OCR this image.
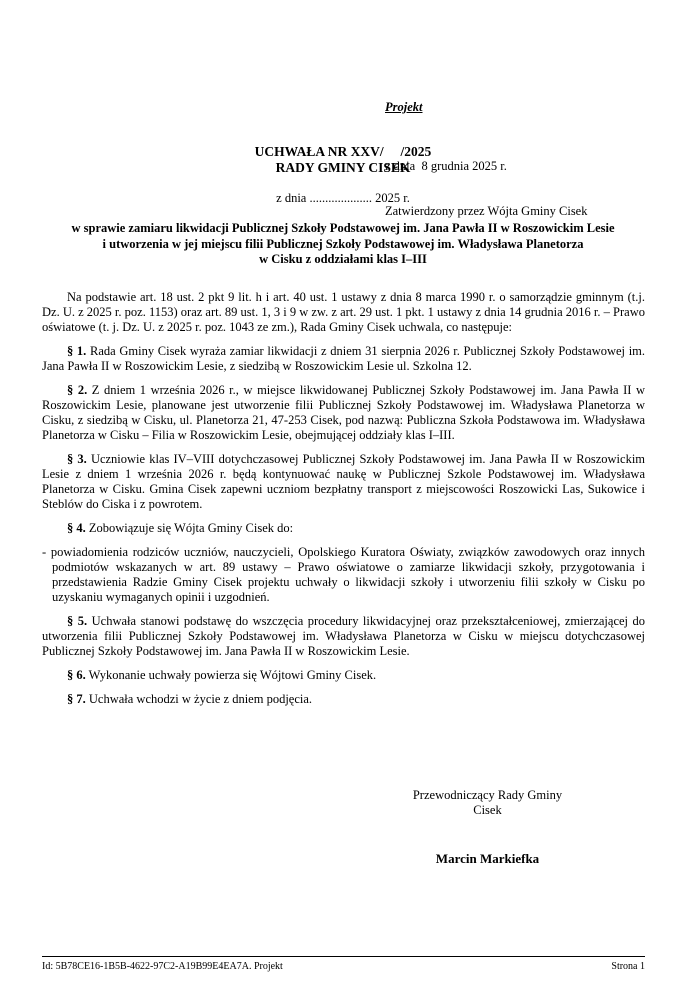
Projekt

z dnia  8 grudnia 2025 r.

Zatwierdzony przez Wójta Gminy Cisek

UCHWAŁA NR XXV/     /2025
RADY GMINY CISEK
z dnia .................... 2025 r.
w sprawie zamiaru likwidacji Publicznej Szkoły Podstawowej im. Jana Pawła II w Roszowickim Lesie
i utworzenia w jej miejscu filii Publicznej Szkoły Podstawowej im. Władysława Planetorza
w Cisku z oddziałami klas I–III

Na podstawie art. 18 ust. 2 pkt 9 lit. h i art. 40 ust. 1 ustawy z dnia 8 marca 1990 r. o samorządzie gminnym (t.j. Dz. U. z 2025 r. poz. 1153) oraz art. 89 ust. 1, 3 i 9 w zw. z art. 29 ust. 1 pkt. 1 ustawy z dnia 14 grudnia 2016 r. – Prawo oświatowe (t. j. Dz. U. z 2025 r. poz. 1043 ze zm.), Rada Gminy Cisek uchwala, co następuje:

§ 1. Rada Gminy Cisek wyraża zamiar likwidacji z dniem 31 sierpnia 2026 r. Publicznej Szkoły Podstawowej im. Jana Pawła II w Roszowickim Lesie, z siedzibą w Roszowickim Lesie ul. Szkolna 12.

§ 2. Z dniem 1 września 2026 r., w miejsce likwidowanej Publicznej Szkoły Podstawowej im. Jana Pawła II w Roszowickim Lesie, planowane jest utworzenie filii Publicznej Szkoły Podstawowej im. Władysława Planetorza w Cisku, z siedzibą w Cisku, ul. Planetorza 21, 47-253 Cisek, pod nazwą: Publiczna Szkoła Podstawowa im. Władysława Planetorza w Cisku – Filia w Roszowickim Lesie, obejmującej oddziały klas I–III.

§ 3. Uczniowie klas IV–VIII dotychczasowej Publicznej Szkoły Podstawowej im. Jana Pawła II w Roszowickim Lesie z dniem 1 września 2026 r. będą kontynuować naukę w Publicznej Szkole Podstawowej im. Władysława Planetorza w Cisku. Gmina Cisek zapewni uczniom bezpłatny transport z miejscowości Roszowicki Las, Sukowice i Steblów do Ciska i z powrotem.

§ 4. Zobowiązuje się Wójta Gminy Cisek do:

- powiadomienia rodziców uczniów, nauczycieli, Opolskiego Kuratora Oświaty, związków zawodowych oraz innych podmiotów wskazanych w art. 89 ustawy – Prawo oświatowe o zamiarze likwidacji szkoły, przygotowania i przedstawienia Radzie Gminy Cisek projektu uchwały o likwidacji szkoły i utworzeniu filii szkoły w Cisku po uzyskaniu wymaganych opinii i uzgodnień.

§ 5. Uchwała stanowi podstawę do wszczęcia procedury likwidacyjnej oraz przekształceniowej, zmierzającej do utworzenia filii Publicznej Szkoły Podstawowej im. Władysława Planetorza w Cisku w miejscu dotychczasowej Publicznej Szkoły Podstawowej im. Jana Pawła II w Roszowickim Lesie.

§ 6. Wykonanie uchwały powierza się Wójtowi Gminy Cisek.

§ 7. Uchwała wchodzi w życie z dniem podjęcia.

Przewodniczący Rady Gminy
Cisek
Marcin Markiefka
Id: 5B78CE16-1B5B-4622-97C2-A19B99E4EA7A. Projekt	Strona 1
